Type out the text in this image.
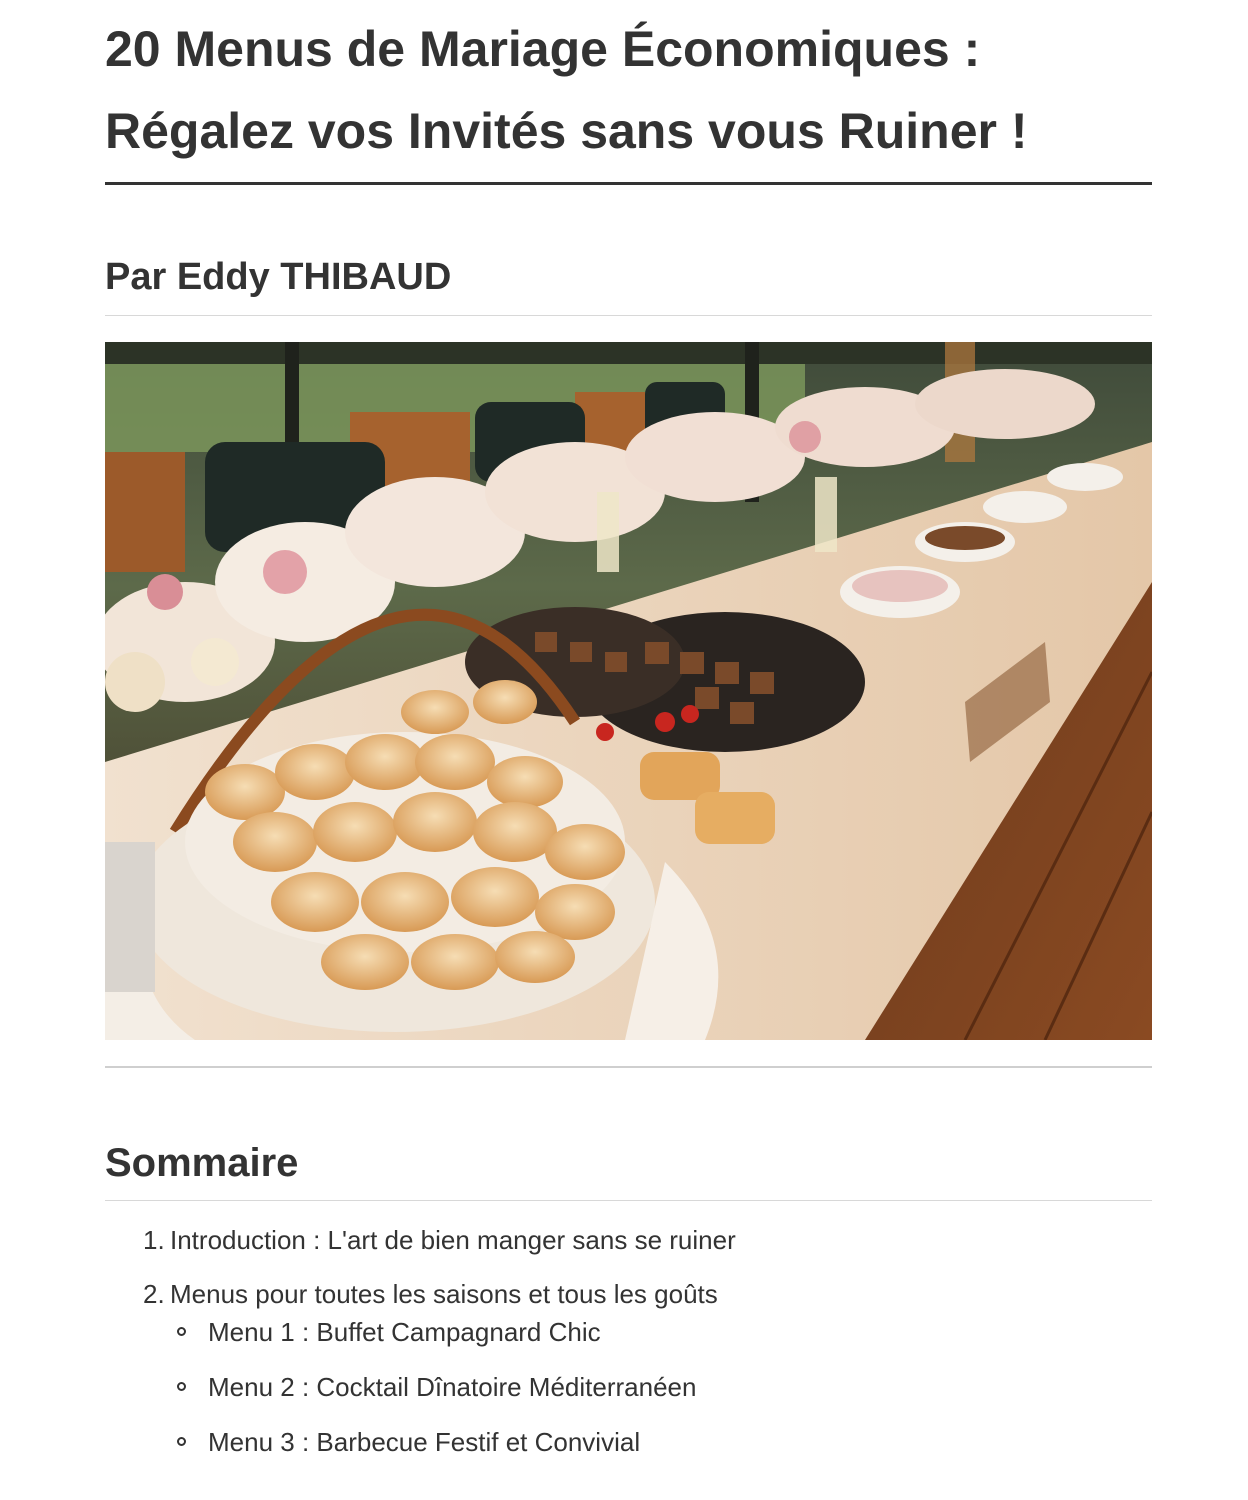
20 Menus de Mariage Économiques :
Régalez vos Invités sans vous Ruiner !
Par Eddy THIBAUD
Sommaire
1. Introduction : L'art de bien manger sans se ruiner
2. Menus pour toutes les saisons et tous les goûts
Menu 1 : Buffet Campagnard Chic
Menu 2 : Cocktail Dînatoire Méditerranéen
Menu 3 : Barbecue Festif et Convivial
